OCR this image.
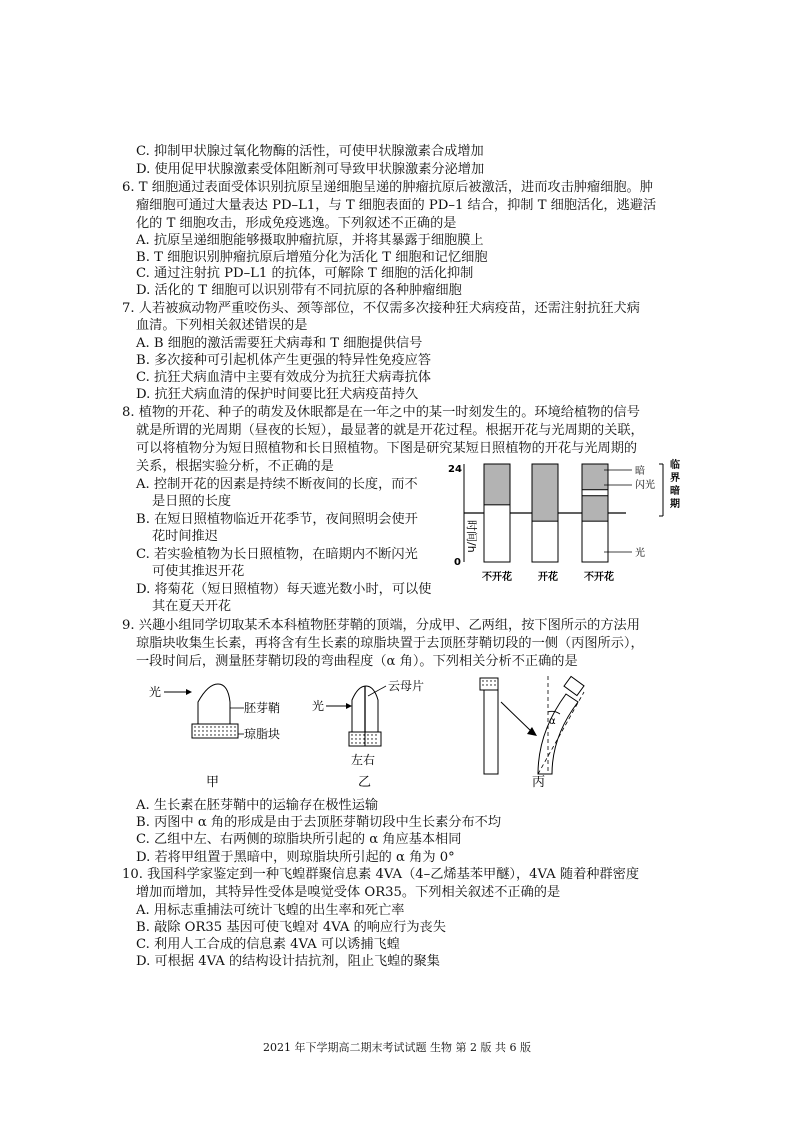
C. 抑制甲状腺过氧化物酶的活性，可使甲状腺激素合成增加
D. 使用促甲状腺激素受体阻断剂可导致甲状腺激素分泌增加
6. T 细胞通过表面受体识别抗原呈递细胞呈递的肿瘤抗原后被激活，进而攻击肿瘤细胞。肿
瘤细胞可通过大量表达 PD–L1，与 T 细胞表面的 PD–1 结合，抑制 T 细胞活化，逃避活
化的 T 细胞攻击，形成免疫逃逸。下列叙述不正确的是
A. 抗原呈递细胞能够摄取肿瘤抗原，并将其暴露于细胞膜上
B. T 细胞识别肿瘤抗原后增殖分化为活化 T 细胞和记忆细胞
C. 通过注射抗 PD–L1 的抗体，可解除 T 细胞的活化抑制
D. 活化的 T 细胞可以识别带有不同抗原的各种肿瘤细胞
7. 人若被疯动物严重咬伤头、颈等部位，不仅需多次接种狂犬病疫苗，还需注射抗狂犬病
血清。下列相关叙述错误的是
A. B 细胞的激活需要狂犬病毒和 T 细胞提供信号
B. 多次接种可引起机体产生更强的特异性免疫应答
C. 抗狂犬病血清中主要有效成分为抗狂犬病毒抗体
D. 抗狂犬病血清的保护时间要比狂犬病疫苗持久
8. 植物的开花、种子的萌发及休眠都是在一年之中的某一时刻发生的。环境给植物的信号
就是所谓的光周期（昼夜的长短），最显著的就是开花过程。根据开花与光周期的关联，
可以将植物分为短日照植物和长日照植物。下图是研究某短日照植物的开花与光周期的
关系，根据实验分析，不正确的是
A. 控制开花的因素是持续不断夜间的长度，而不
是日照的长度
B. 在短日照植物临近开花季节，夜间照明会使开
花时间推迟
C. 若实验植物为长日照植物，在暗期内不断闪光
可使其推迟开花
D. 将菊花（短日照植物）每天遮光数小时，可以使
其在夏天开花
9. 兴趣小组同学切取某禾本科植物胚芽鞘的顶端，分成甲、乙两组，按下图所示的方法用
琼脂块收集生长素，再将含有生长素的琼脂块置于去顶胚芽鞘切段的一侧（丙图所示），
一段时间后，测量胚芽鞘切段的弯曲程度（α 角）。下列相关分析不正确的是
A. 生长素在胚芽鞘中的运输存在极性运输
B. 丙图中 α 角的形成是由于去顶胚芽鞘切段中生长素分布不均
C. 乙组中左、右两侧的琼脂块所引起的 α 角应基本相同
D. 若将甲组置于黑暗中，则琼脂块所引起的 α 角为 0°
10. 我国科学家鉴定到一种飞蝗群聚信息素 4VA（4–乙烯基苯甲醚），4VA 随着种群密度
增加而增加，其特异性受体是嗅觉受体 OR35。下列相关叙述不正确的是
A. 用标志重捕法可统计飞蝗的出生率和死亡率
B. 敲除 OR35 基因可使飞蝗对 4VA 的响应行为丧失
C. 利用人工合成的信息素 4VA 可以诱捕飞蝗
D. 可根据 4VA 的结构设计拮抗剂，阻止飞蝗的聚集
24
0
时间/h
暗
闪光
光
临界暗期
不开花	开花	不开花
光
胚芽鞘
琼脂块
甲
光
云母片
左右
乙
α
丙
2021 年下学期高二期末考试试题 生物 第 2 版 共 6 版
